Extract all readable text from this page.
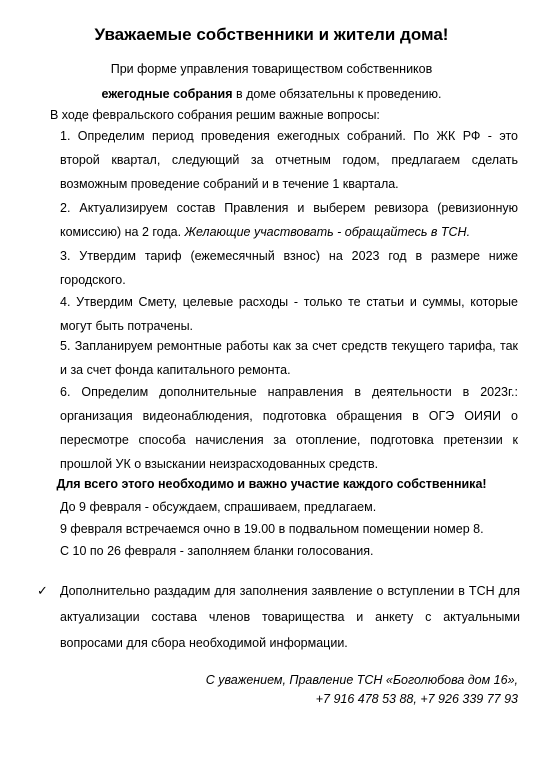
Уважаемые собственники и жители дома!
При форме управления товариществом собственников
ежегодные собрания в доме обязательны к проведению.
В ходе февральского собрания решим важные вопросы:
1. Определим период проведения ежегодных собраний. По ЖК РФ - это второй квартал, следующий за отчетным годом, предлагаем сделать возможным проведение собраний и в течение 1 квартала.
2. Актуализируем состав Правления и выберем ревизора (ревизионную комиссию) на 2 года. Желающие участвовать - обращайтесь в ТСН.
3. Утвердим тариф (ежемесячный взнос) на 2023 год в размере ниже городского.
4. Утвердим Смету, целевые расходы - только те статьи и суммы, которые могут быть потрачены.
5. Запланируем ремонтные работы как за счет средств текущего тарифа, так и за счет фонда капитального ремонта.
6. Определим дополнительные направления в деятельности в 2023г.: организация видеонаблюдения, подготовка обращения в ОГЭ ОИЯИ о пересмотре способа начисления за отопление, подготовка претензии к прошлой УК о взыскании неизрасходованных средств.
Для всего этого необходимо и важно участие каждого собственника!
До 9 февраля - обсуждаем, спрашиваем, предлагаем.
9 февраля встречаемся очно в 19.00 в подвальном помещении номер 8.
С 10 по 26 февраля - заполняем бланки голосования.
✓ Дополнительно раздадим для заполнения заявление о вступлении в ТСН для актуализации состава членов товарищества и анкету с актуальными вопросами для сбора необходимой информации.
С уважением, Правление ТСН «Боголюбова дом 16»,
+7 916 478 53 88, +7 926 339 77 93
